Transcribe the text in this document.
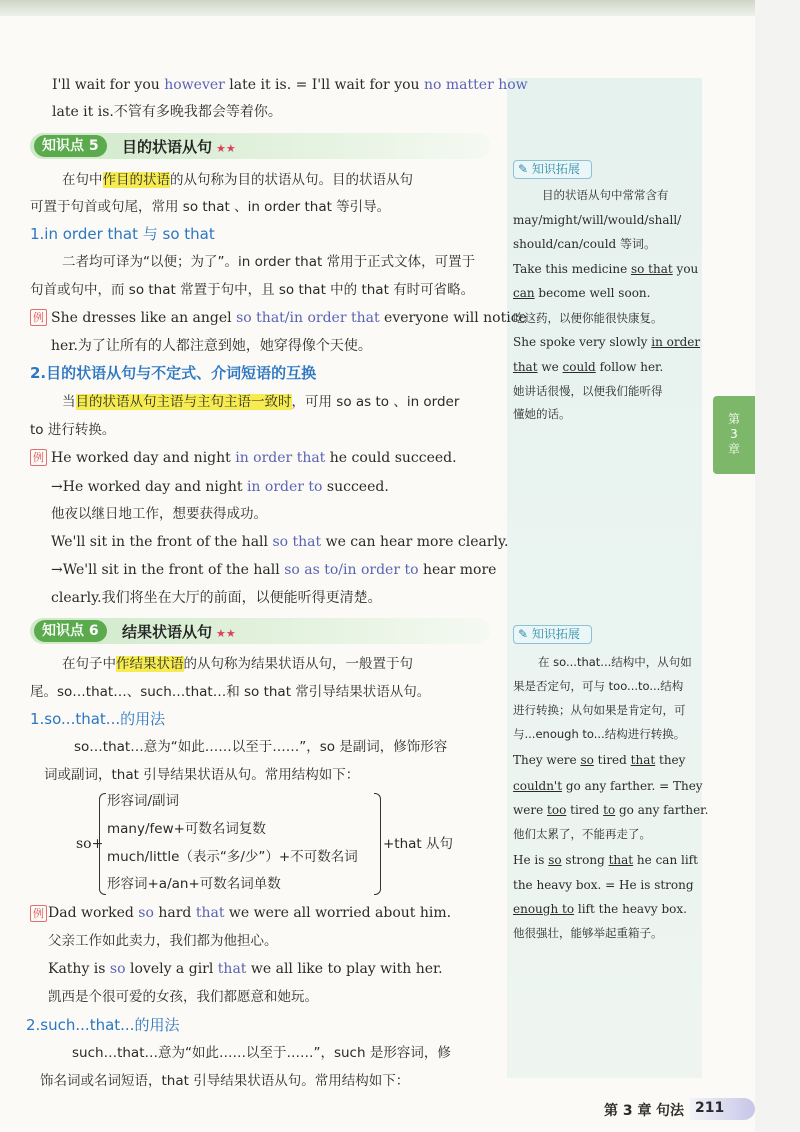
I'll wait for you however late it is. = I'll wait for you no matter how
late it is.不管有多晚我都会等着你。
知识点 5	目的状语从句 ★★
在句中作目的状语的从句称为目的状语从句。目的状语从句
可置于句首或句尾，常用 so that 、in order that 等引导。
1.in order that 与 so that
二者均可译为“以便；为了”。in order that 常用于正式文体，可置于
句首或句中，而 so that 常置于句中，且 so that 中的 that 有时可省略。
例 She dresses like an angel so that/in order that everyone will notice
her.为了让所有的人都注意到她，她穿得像个天使。
2.目的状语从句与不定式、介词短语的互换
当目的状语从句主语与主句主语一致时，可用 so as to 、in order
to 进行转换。
例 He worked day and night in order that he could succeed.
→He worked day and night in order to succeed.
他夜以继日地工作，想要获得成功。
We'll sit in the front of the hall so that we can hear more clearly.
→We'll sit in the front of the hall so as to/in order to hear more
clearly.我们将坐在大厅的前面，以便能听得更清楚。
知识点 6	结果状语从句 ★★
在句子中作结果状语的从句称为结果状语从句，一般置于句
尾。so…that…、such…that…和 so that 常引导结果状语从句。
1.so...that...的用法
so…that…意为“如此……以至于……”，so 是副词，修饰形容
词或副词，that 引导结果状语从句。常用结构如下：
so+
形容词/副词
many/few+可数名词复数
much/little（表示“多/少”）+不可数名词
形容词+a/an+可数名词单数
+that 从句
例 Dad worked so hard that we were all worried about him.
父亲工作如此卖力，我们都为他担心。
Kathy is so lovely a girl that we all like to play with her.
凯西是个很可爱的女孩，我们都愿意和她玩。
2.such...that...的用法
such…that…意为“如此……以至于……”，such 是形容词，修
饰名词或名词短语，that 引导结果状语从句。常用结构如下：
✎ 知识拓展
目的状语从句中常常含有
may/might/will/would/shall/
should/can/could 等词。
Take this medicine so that you
can become well soon.
吃这药，以便你能很快康复。
She spoke very slowly in order
that we could follow her.
她讲话很慢，以便我们能听得
懂她的话。
✎ 知识拓展
在 so...that...结构中，从句如
果是否定句，可与 too...to...结构
进行转换；从句如果是肯定句，可
与...enough to...结构进行转换。
They were so tired that they
couldn't go any farther. = They
were too tired to go any farther.
他们太累了，不能再走了。
He is so strong that he can lift
the heavy box. = He is strong
enough to lift the heavy box.
他很强壮，能够举起重箱子。
第3章
第 3 章 句法 211
